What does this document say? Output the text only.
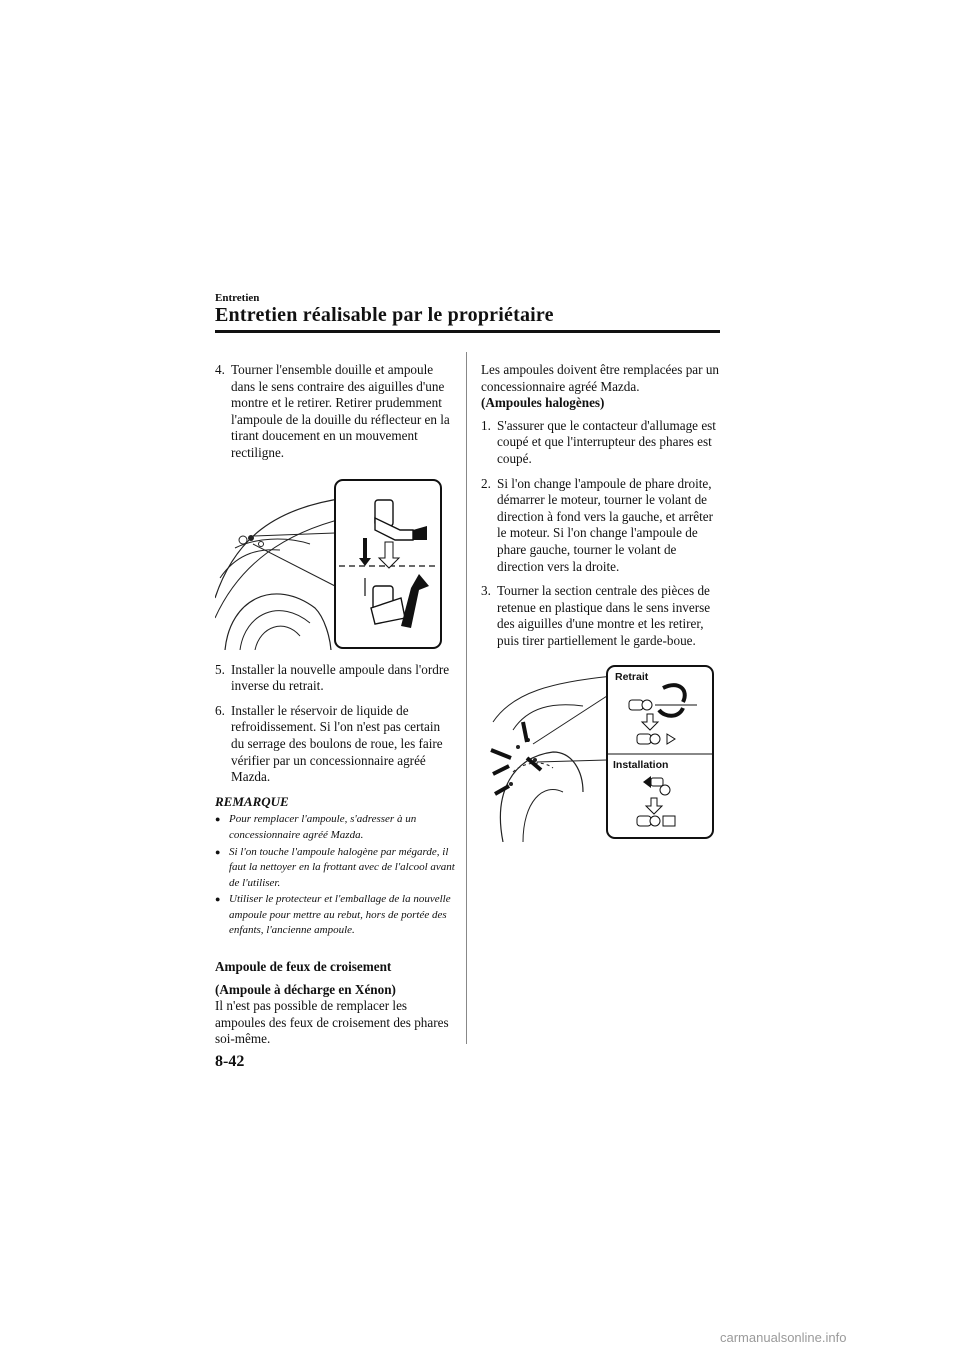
Entretien
Entretien réalisable par le propriétaire
4. Tourner l'ensemble douille et ampoule dans le sens contraire des aiguilles d'une montre et le retirer. Retirer prudemment l'ampoule de la douille du réflecteur en la tirant doucement en un mouvement rectiligne.
5. Installer la nouvelle ampoule dans l'ordre inverse du retrait.
6. Installer le réservoir de liquide de refroidissement. Si l'on n'est pas certain du serrage des boulons de roue, les faire vérifier par un concessionnaire agréé Mazda.
REMARQUE
● Pour remplacer l'ampoule, s'adresser à un concessionnaire agréé Mazda.
● Si l'on touche l'ampoule halogène par mégarde, il faut la nettoyer en la frottant avec de l'alcool avant de l'utiliser.
● Utiliser le protecteur et l'emballage de la nouvelle ampoule pour mettre au rebut, hors de portée des enfants, l'ancienne ampoule.
Ampoule de feux de croisement
(Ampoule à décharge en Xénon)

Il n'est pas possible de remplacer les ampoules des feux de croisement des phares soi-même.

Les ampoules doivent être remplacées par un concessionnaire agréé Mazda.

(Ampoules halogènes)
1. S'assurer que le contacteur d'allumage est coupé et que l'interrupteur des phares est coupé.
2. Si l'on change l'ampoule de phare droite, démarrer le moteur, tourner le volant de direction à fond vers la gauche, et arrêter le moteur. Si l'on change l'ampoule de phare gauche, tourner le volant de direction vers la droite.
3. Tourner la section centrale des pièces de retenue en plastique dans le sens inverse des aiguilles d'une montre et les retirer, puis tirer partiellement le garde-boue.
Retrait
Installation
8-42
carmanualsonline.info
